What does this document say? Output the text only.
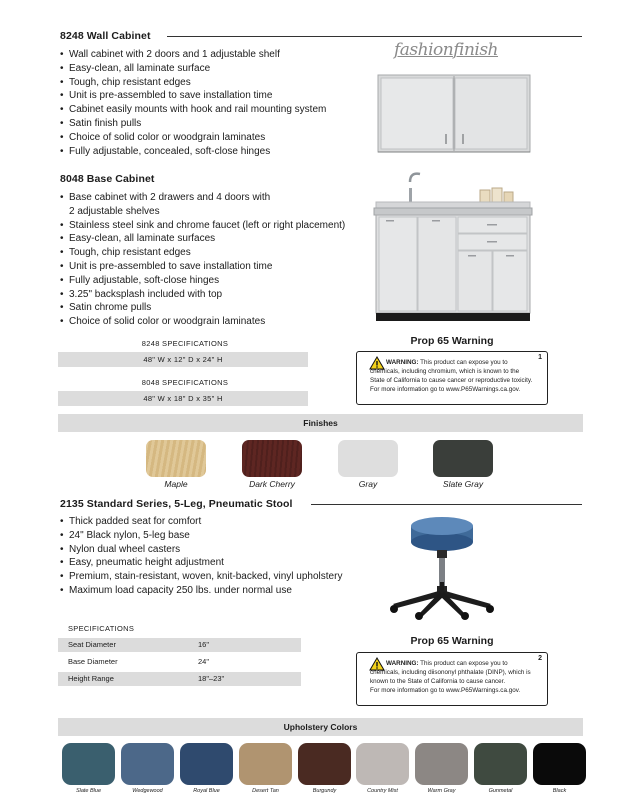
8248 Wall Cabinet
• Wall cabinet with 2 doors and 1 adjustable shelf
• Easy-clean, all laminate surface
• Tough, chip resistant edges
• Unit is pre-assembled to save installation time
• Cabinet easily mounts with hook and rail mounting system
• Satin finish pulls
• Choice of solid color or woodgrain laminates
• Fully adjustable, concealed, soft-close hinges
fashionfinish
8048 Base Cabinet
• Base cabinet with 2 drawers and 4 doors with
2 adjustable shelves
• Stainless steel sink and chrome faucet (left or right placement)
• Easy-clean, all laminate surfaces
• Tough, chip resistant edges
• Unit is pre-assembled to save installation time
• Fully adjustable, soft-close hinges
• 3.25" backsplash included with top
• Satin chrome pulls
• Choice of solid color or woodgrain laminates
8248 SPECIFICATIONS
48" W x 12" D x 24" H
8048 SPECIFICATIONS
48" W x 18" D x 35" H
Prop 65 Warning
1
WARNING: This product can expose you to
chemicals, including chromium, which is known to the
State of California to cause cancer or reproductive toxicity.
For more information go to www.P65Warnings.ca.gov.
Finishes
Maple	Dark Cherry	Gray	Slate Gray
2135 Standard Series, 5-Leg, Pneumatic Stool
• Thick padded seat for comfort
• 24" Black nylon, 5-leg base
• Nylon dual wheel casters
• Easy, pneumatic height adjustment
• Premium, stain-resistant, woven, knit-backed, vinyl upholstery
• Maximum load capacity 250 lbs. under normal use
SPECIFICATIONS
Seat Diameter	16"
Base Diameter	24"
Height Range	18"–23"
Prop 65 Warning
2
WARNING: This product can expose you to
chemicals, including diisononyl phthalate (DINP), which is
known to the State of California to cause cancer.
For more information go to www.P65Warnings.ca.gov.
Upholstery Colors
Slate Blue	Wedgewood	Royal Blue	Desert Tan	Burgundy	Country Mist	Warm Gray	Gunmetal	Black
